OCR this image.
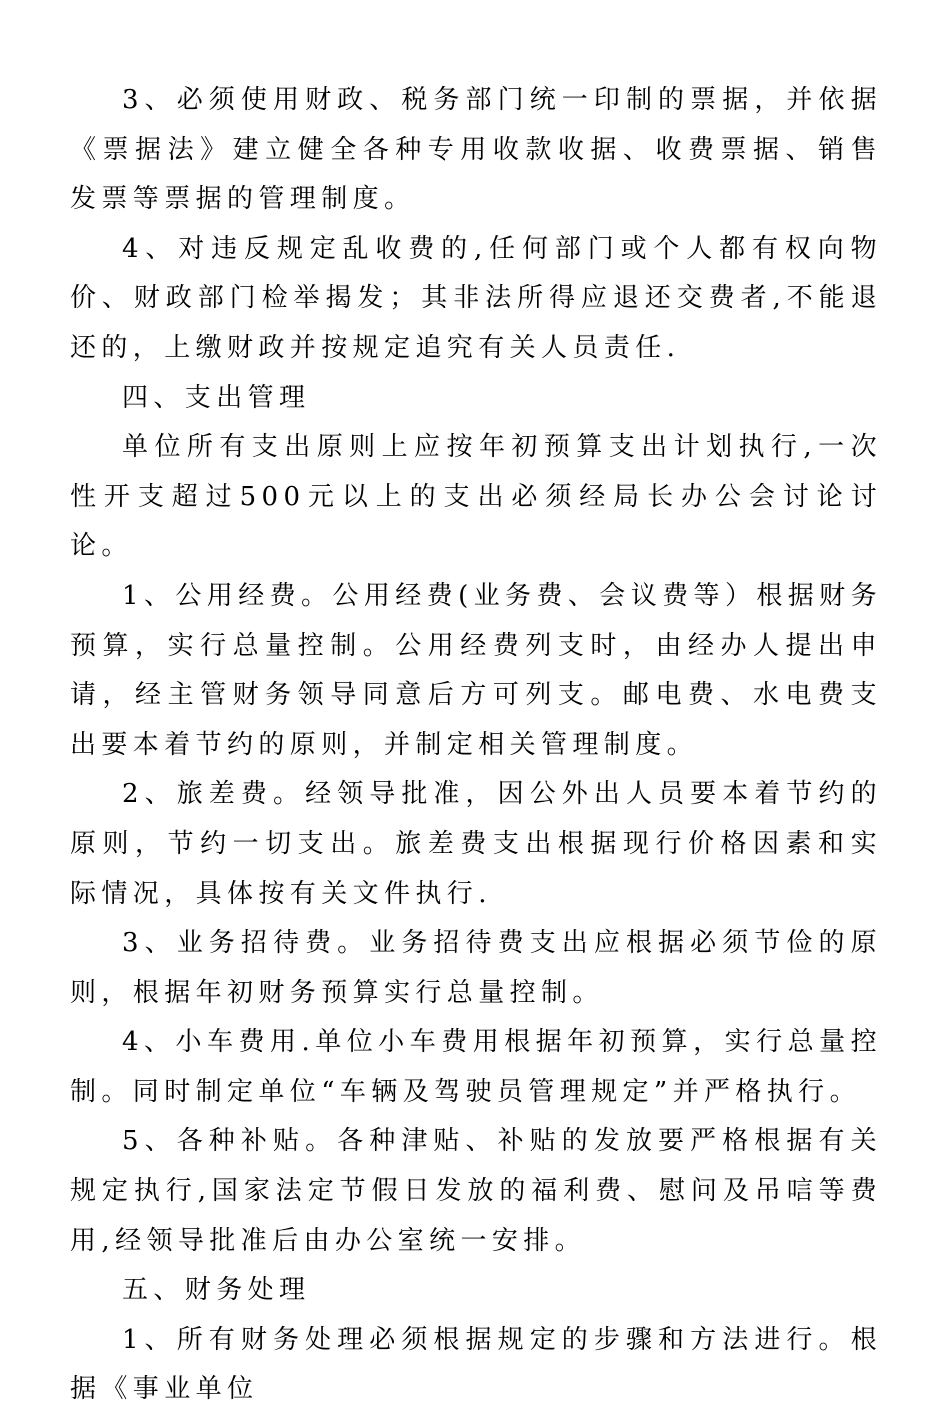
3、必须使用财政、税务部门统一印制的票据，并依据《票据法》建立健全各种专用收款收据、收费票据、销售发票等票据的管理制度。

4、对违反规定乱收费的,任何部门或个人都有权向物价、财政部门检举揭发；其非法所得应退还交费者,不能退还的，上缴财政并按规定追究有关人员责任.

四、支出管理

单位所有支出原则上应按年初预算支出计划执行,一次性开支超过500元以上的支出必须经局长办公会讨论讨论。

1、公用经费。公用经费(业务费、会议费等）根据财务预算，实行总量控制。公用经费列支时，由经办人提出申请，经主管财务领导同意后方可列支。邮电费、水电费支出要本着节约的原则，并制定相关管理制度。

2、旅差费。经领导批准，因公外出人员要本着节约的原则，节约一切支出。旅差费支出根据现行价格因素和实际情况，具体按有关文件执行.

3、业务招待费。业务招待费支出应根据必须节俭的原则，根据年初财务预算实行总量控制。

4、小车费用.单位小车费用根据年初预算，实行总量控制。同时制定单位“车辆及驾驶员管理规定”并严格执行。

5、各种补贴。各种津贴、补贴的发放要严格根据有关规定执行,国家法定节假日发放的福利费、慰问及吊唁等费用,经领导批准后由办公室统一安排。

五、财务处理

1、所有财务处理必须根据规定的步骤和方法进行。根据《事业单位
